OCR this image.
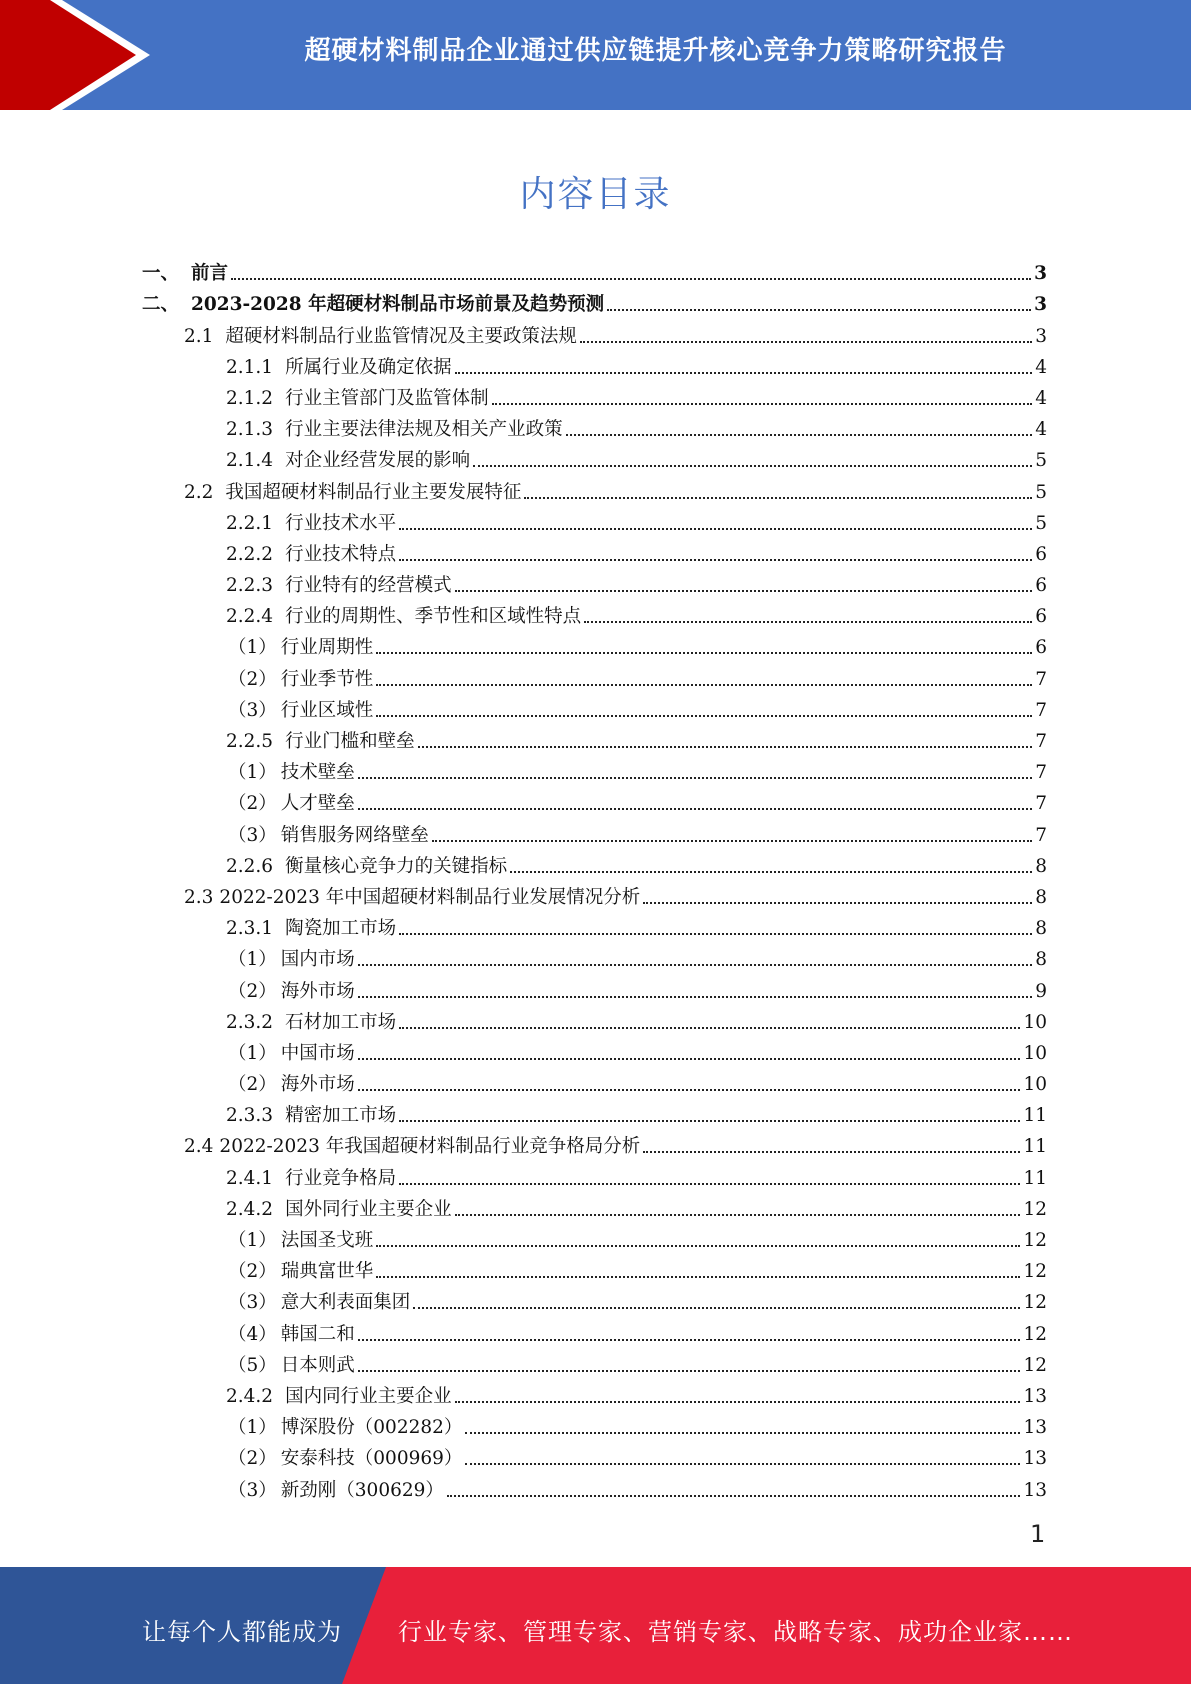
超硬材料制品企业通过供应链提升核心竞争力策略研究报告
内容目录
一、 前言	3
二、 2023-2028 年超硬材料制品市场前景及趋势预测	3
2.1 超硬材料制品行业监管情况及主要政策法规	3
2.1.1 所属行业及确定依据	4
2.1.2 行业主管部门及监管体制	4
2.1.3 行业主要法律法规及相关产业政策	4
2.1.4 对企业经营发展的影响	5
2.2 我国超硬材料制品行业主要发展特征	5
2.2.1 行业技术水平	5
2.2.2 行业技术特点	6
2.2.3 行业特有的经营模式	6
2.2.4 行业的周期性、季节性和区域性特点	6
（1） 行业周期性	6
（2） 行业季节性	7
（3） 行业区域性	7
2.2.5 行业门槛和壁垒	7
（1） 技术壁垒	7
（2） 人才壁垒	7
（3） 销售服务网络壁垒	7
2.2.6 衡量核心竞争力的关键指标	8
2.3 2022-2023 年中国超硬材料制品行业发展情况分析	8
2.3.1 陶瓷加工市场	8
（1） 国内市场	8
（2） 海外市场	9
2.3.2 石材加工市场	10
（1） 中国市场	10
（2） 海外市场	10
2.3.3 精密加工市场	11
2.4 2022-2023 年我国超硬材料制品行业竞争格局分析	11
2.4.1 行业竞争格局	11
2.4.2 国外同行业主要企业	12
（1） 法国圣戈班	12
（2） 瑞典富世华	12
（3） 意大利表面集团	12
（4） 韩国二和	12
（5） 日本则武	12
2.4.2 国内同行业主要企业	13
（1） 博深股份（002282）	13
（2） 安泰科技（000969）	13
（3） 新劲刚（300629）	13
1
让每个人都能成为 行业专家、管理专家、营销专家、战略专家、成功企业家……
